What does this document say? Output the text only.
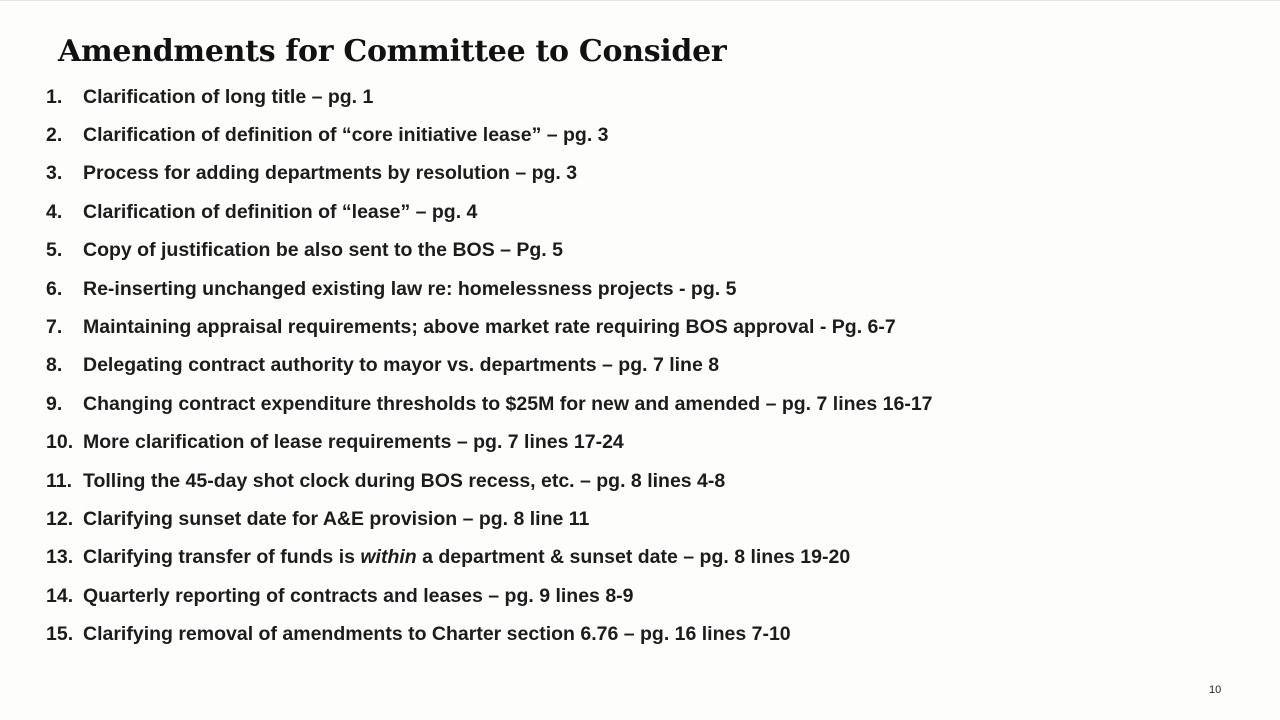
Amendments for Committee to Consider
1.	Clarification of long title – pg. 1
2.	Clarification of definition of “core initiative lease” – pg. 3
3.	Process for adding departments by resolution – pg. 3
4.	Clarification of definition of “lease” – pg. 4
5.	Copy of justification be also sent to the BOS – Pg. 5
6.	Re-inserting unchanged existing law re: homelessness projects - pg. 5
7.	Maintaining appraisal requirements; above market rate requiring BOS approval - Pg. 6-7
8.	Delegating contract authority to mayor vs. departments – pg. 7 line 8
9.	Changing contract expenditure thresholds to $25M for new and amended – pg. 7 lines 16-17
10. More clarification of lease requirements – pg. 7 lines 17-24
11. Tolling the 45-day shot clock during BOS recess, etc. – pg. 8 lines 4-8
12. Clarifying sunset date for A&E provision – pg. 8 line 11
13. Clarifying transfer of funds is within a department & sunset date – pg. 8 lines 19-20
14. Quarterly reporting of contracts and leases – pg. 9 lines 8-9
15. Clarifying removal of amendments to Charter section 6.76 – pg. 16 lines 7-10
10
